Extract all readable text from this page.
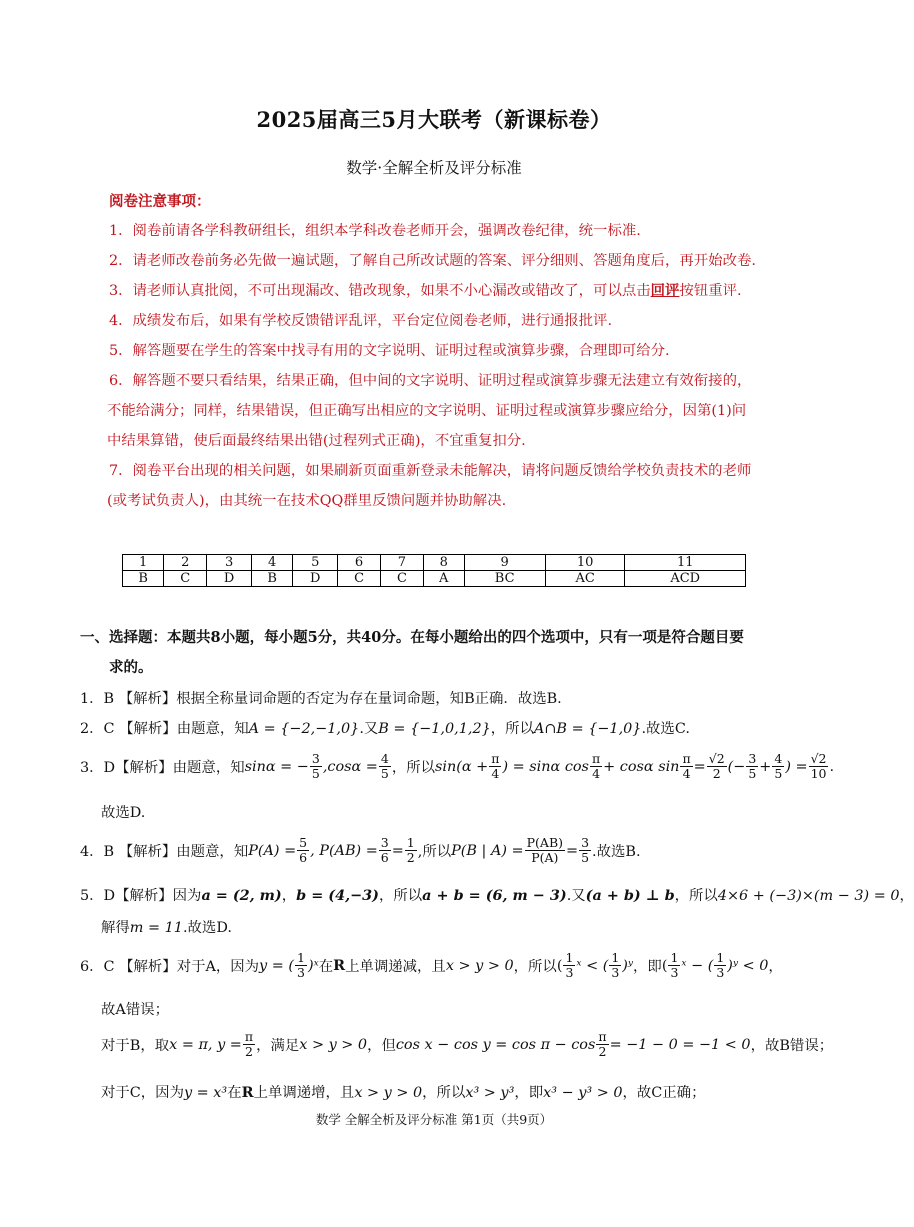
2025届高三5月大联考（新课标卷）
数学·全解全析及评分标准
阅卷注意事项：
1．阅卷前请各学科教研组长，组织本学科改卷老师开会，强调改卷纪律，统一标准.
2．请老师改卷前务必先做一遍试题，了解自己所改试题的答案、评分细则、答题角度后，再开始改卷.
3．请老师认真批阅，不可出现漏改、错改现象，如果不小心漏改或错改了，可以点击回评按钮重评.
4．成绩发布后，如果有学校反馈错评乱评，平台定位阅卷老师，进行通报批评.
5．解答题要在学生的答案中找寻有用的文字说明、证明过程或演算步骤，合理即可给分.
6．解答题不要只看结果，结果正确，但中间的文字说明、证明过程或演算步骤无法建立有效衔接的，
不能给满分；同样，结果错误，但正确写出相应的文字说明、证明过程或演算步骤应给分，因第(1)问
中结果算错，使后面最终结果出错(过程列式正确)，不宜重复扣分.
7．阅卷平台出现的相关问题，如果刷新页面重新登录未能解决，请将问题反馈给学校负责技术的老师
(或考试负责人)，由其统一在技术QQ群里反馈问题并协助解决.
1	2	3	4	5	6	7	8	9	10	11
B	C	D	B	D	C	C	A	BC	AC	ACD
一、选择题：本题共8小题，每小题5分，共40分。在每小题给出的四个选项中，只有一项是符合题目要
求的。
1．B 【解析】根据全称量词命题的否定为存在量词命题，知B正确．故选B.
2．C 【解析】由题意，知A = {−2,−1,0}.又B = {−1,0,1,2}，所以A∩B = {−1,0}.故选C.
3．D【解析】由题意，知 sinα = − $\frac{3}{5} ,\cos\alpha = \frac{4}{5}$ ，所以 $\sin(\alpha + \frac{\pi}{4}$ ) = sinα $\cos \frac{\pi}{4} + \cos\alpha$ $\sin \frac{\pi}{4} = \frac{√2}{2}$ (− $\frac{3}{5} + \frac{4}{5}$ ) = $\frac{√2}{10}$ .
故选D.
4．B 【解析】由题意，知 $P(A) = \frac{5}{6}$ , $P(AB) = \frac{3}{6} = \frac{1}{2}$ ,所以 P(B | $A) = \frac{P(AB)}{P(A)} = \frac{3}{5}$ .故选B.
5．D【解析】因为a = (2, m)，b = (4,−3)，所以a + b = (6, m − 3).又(a + b) ⊥ b，所以4×6 + (−3)×(m − 3) = 0，
解得m = 11.故选D.
6．C 【解析】对于A，因为 y = ( $\frac{1}{3}$ )ˣ 在 R 上单调递减，且 x > y > 0 ，所以 ( $\frac{1}{3}$ ˣ < ( $\frac{1}{3}$ )ʸ ，即 ( $\frac{1}{3}$ ˣ − ( $\frac{1}{3}$ )ʸ < 0 ，
故A错误；
对于B，取 x = π, $y = \frac{\pi}{2}$ ，满足 x > y > 0 ，但 $\cos x - \cos y = \cos \pi - \cos \frac{\pi}{2} = -1 - 0 = -1 < 0$ ，故B错误；
对于C，因为y = x³在R上单调递增，且x > y > 0，所以x³ > y³，即x³ − y³ > 0，故C正确；
数学 全解全析及评分标准 第1页（共9页）
